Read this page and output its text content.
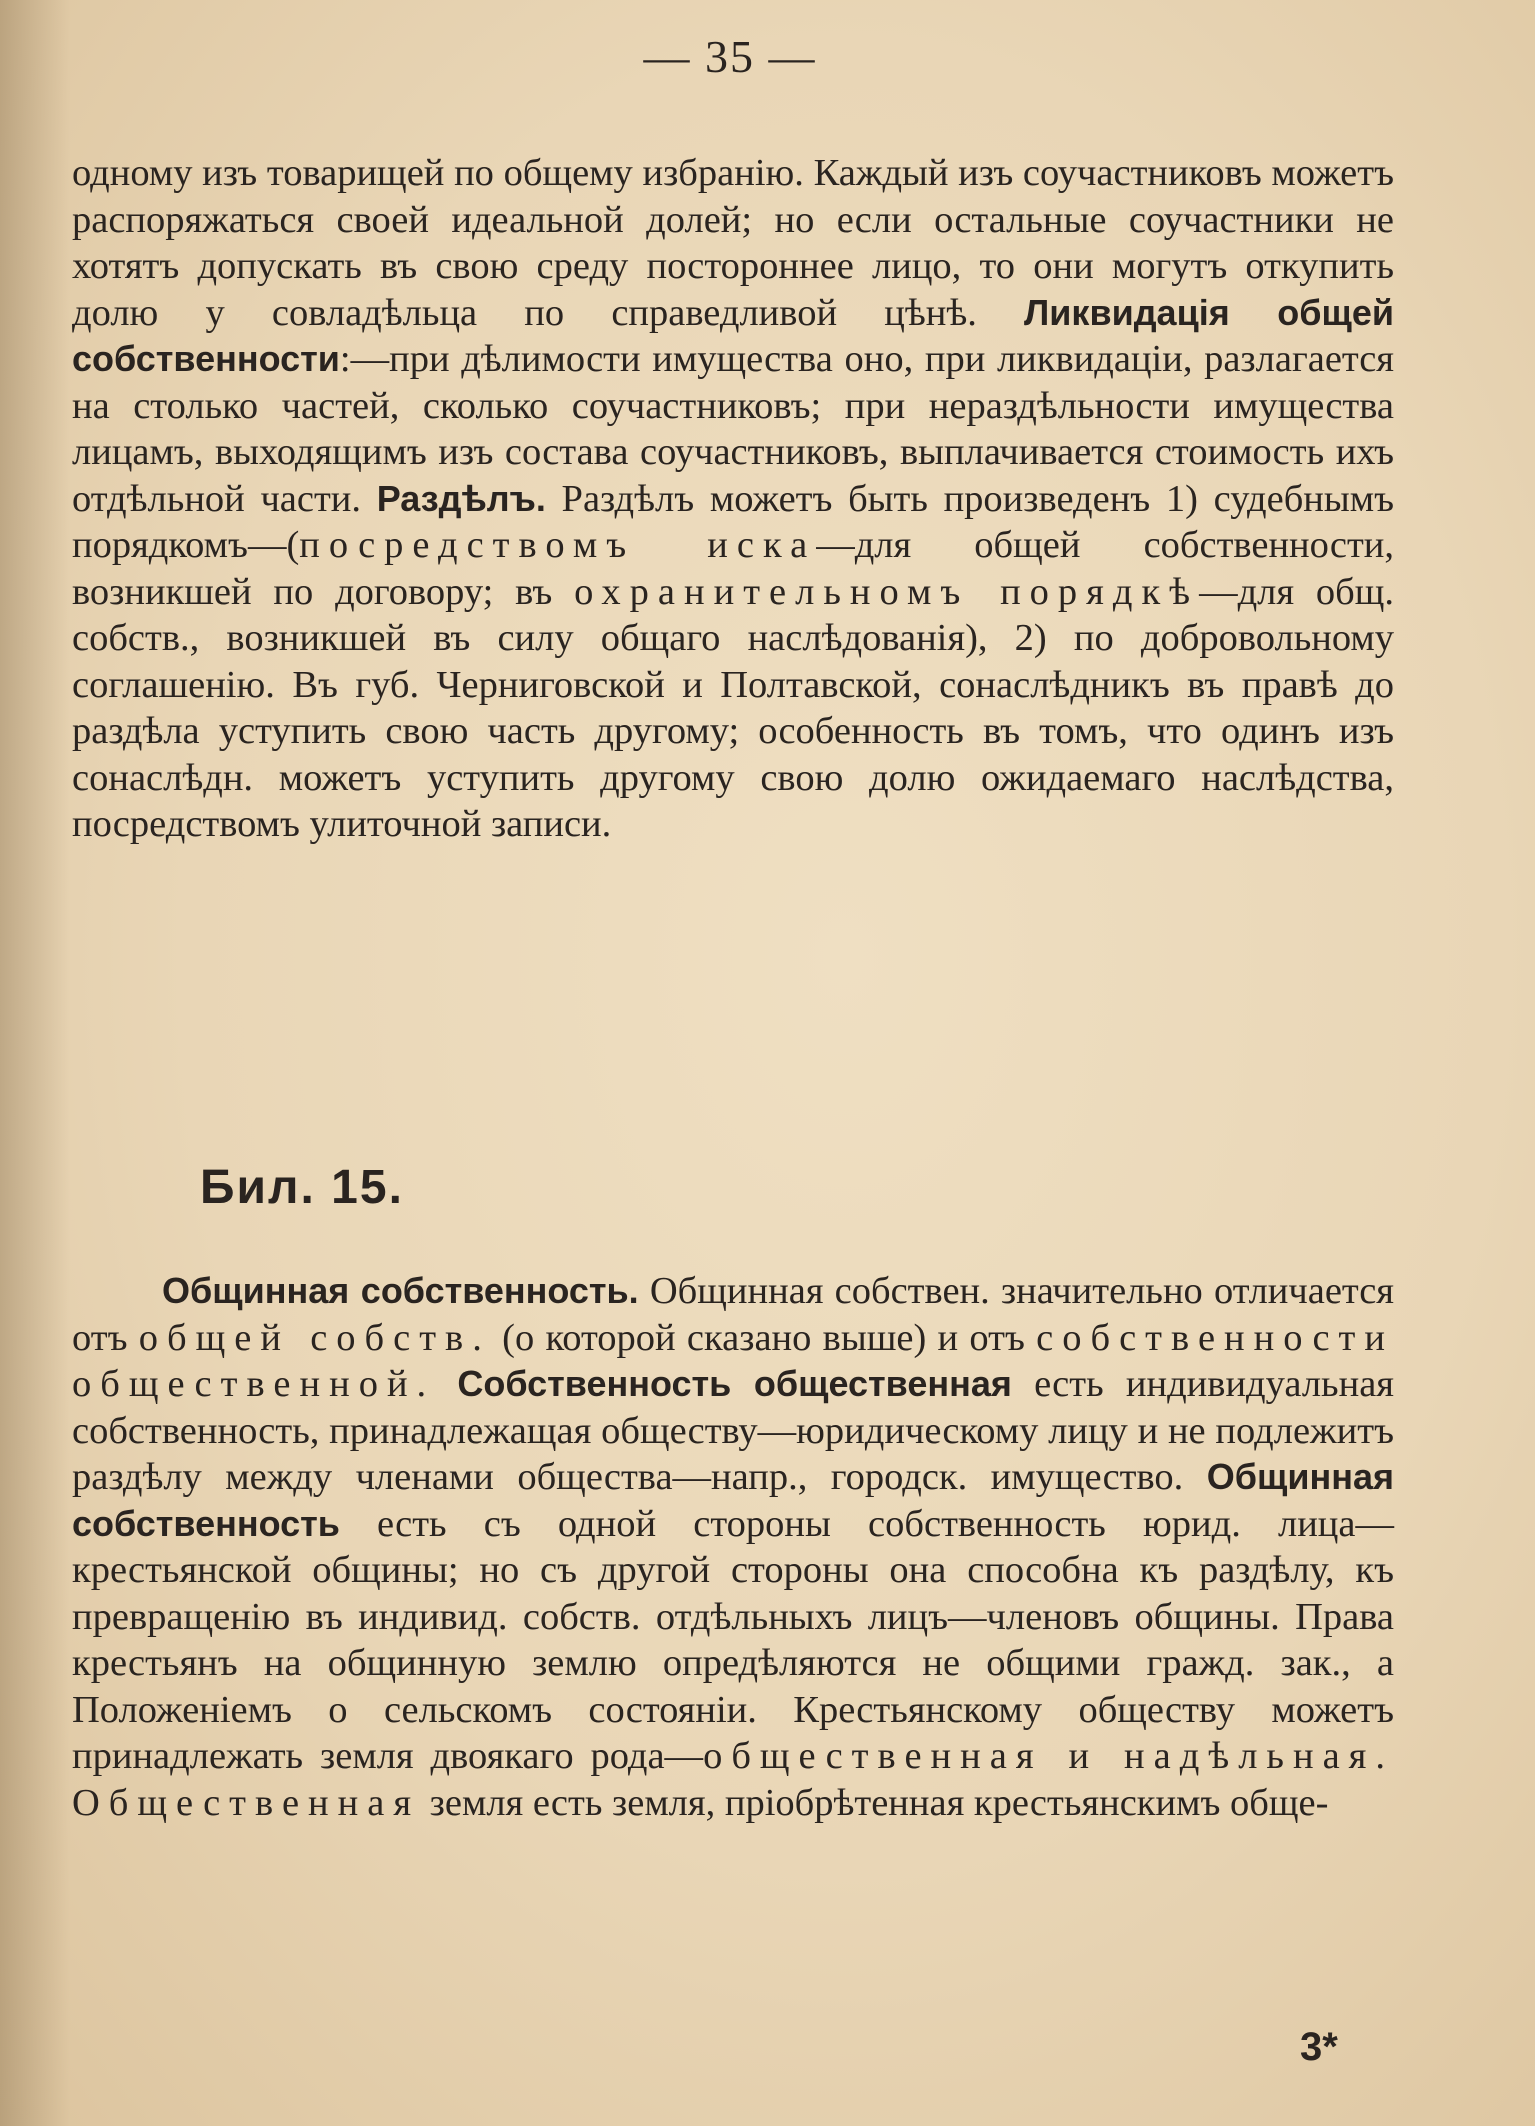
— 35 —
одному изъ товарищей по общему избранію. Каждый изъ соучастниковъ можетъ распоряжаться своей идеальной долей; но если остальные соучастники не хотятъ допускать въ свою среду постороннее лицо, то они могутъ откупить долю у совладѣльца по справедливой цѣнѣ. Ликвидація общей собственности:—при дѣлимости имущества оно, при ликвидаціи, разлагается на столько частей, сколько соучастниковъ; при нераздѣльности имущества лицамъ, выходящимъ изъ состава соучастниковъ, выплачивается стоимость ихъ отдѣльной части. Раздѣлъ. Раздѣлъ можетъ быть произведенъ 1) судебнымъ порядкомъ—(посредствомъ иска—для общей собственности, возникшей по договору; въ охранительномъ порядкѣ—для общ. собств., возникшей въ силу общаго наслѣдованія), 2) по добровольному соглашенію. Въ губ. Черниговской и Полтавской, сонаслѣдникъ въ правѣ до раздѣла уступить свою часть другому; особенность въ томъ, что одинъ изъ сонаслѣдн. можетъ уступить другому свою долю ожидаемаго наслѣдства, посредствомъ улиточной записи.
Бил. 15.
Общинная собственность. Общинная собствен. значительно отличается отъ общей собств. (о которой сказано выше) и отъ собственности общественной. Собственность общественная есть индивидуальная собственность, принадлежащая обществу—юридическому лицу и не подлежитъ раздѣлу между членами общества—напр., городск. имущество. Общинная собственность есть съ одной стороны собственность юрид. лица—крестьянской общины; но съ другой стороны она способна къ раздѣлу, къ превращенію въ индивид. собств. отдѣльныхъ лицъ—членовъ общины. Права крестьянъ на общинную землю опредѣляются не общими гражд. зак., а Положеніемъ о сельскомъ состояніи. Крестьянскому обществу можетъ принадлежать земля двоякаго рода—общественная и надѣльная. Общественная земля есть земля, пріобрѣтенная крестьянскимъ обще-
3*
